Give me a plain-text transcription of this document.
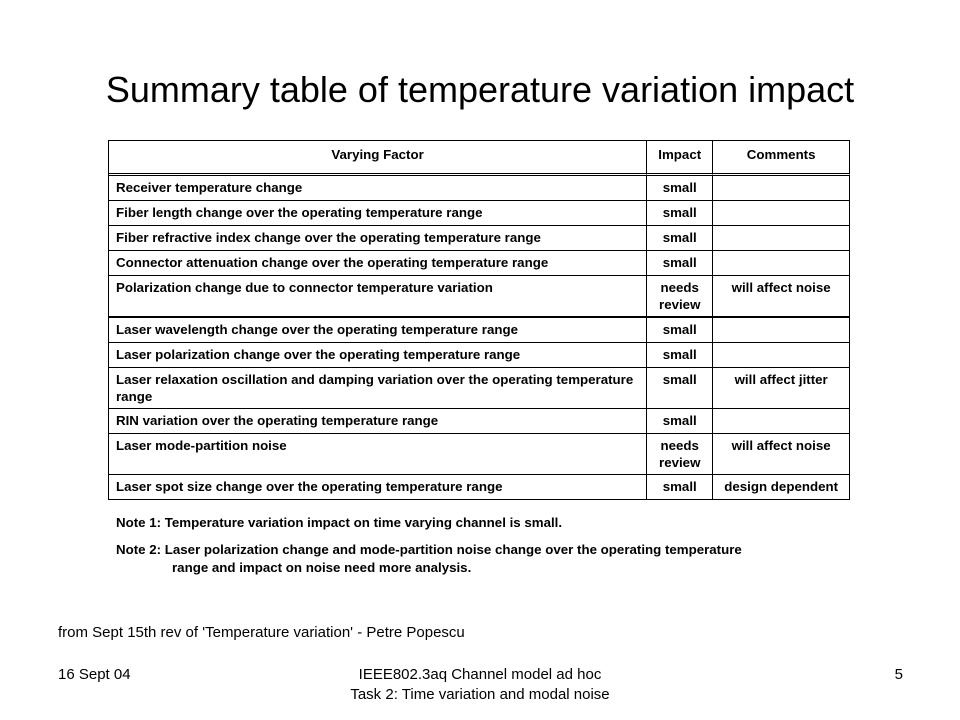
Summary table of temperature variation impact
Varying Factor	Impact	Comments
Receiver temperature change	small	
Fiber length change over the operating temperature range	small	
Fiber refractive index change over the operating temperature range	small	
Connector attenuation change over the operating temperature range	small	
Polarization change due to connector temperature variation	needs review	will affect noise
Laser wavelength change over the operating temperature range	small	
Laser polarization change over the operating temperature range	small	
Laser relaxation oscillation and damping variation over the operating temperature range	small	will affect jitter
RIN variation over the operating temperature range	small	
Laser mode-partition noise	needs review	will affect noise
Laser spot size change over the operating temperature range	small	design dependent
Note 1: Temperature variation impact on time varying channel is small.
Note 2: Laser polarization change and mode-partition noise change over the operating temperature
range and impact on noise need more analysis.
from Sept 15th rev of 'Temperature variation' - Petre Popescu
16 Sept 04	IEEE802.3aq Channel model ad hoc
Task 2: Time variation and modal noise
5
